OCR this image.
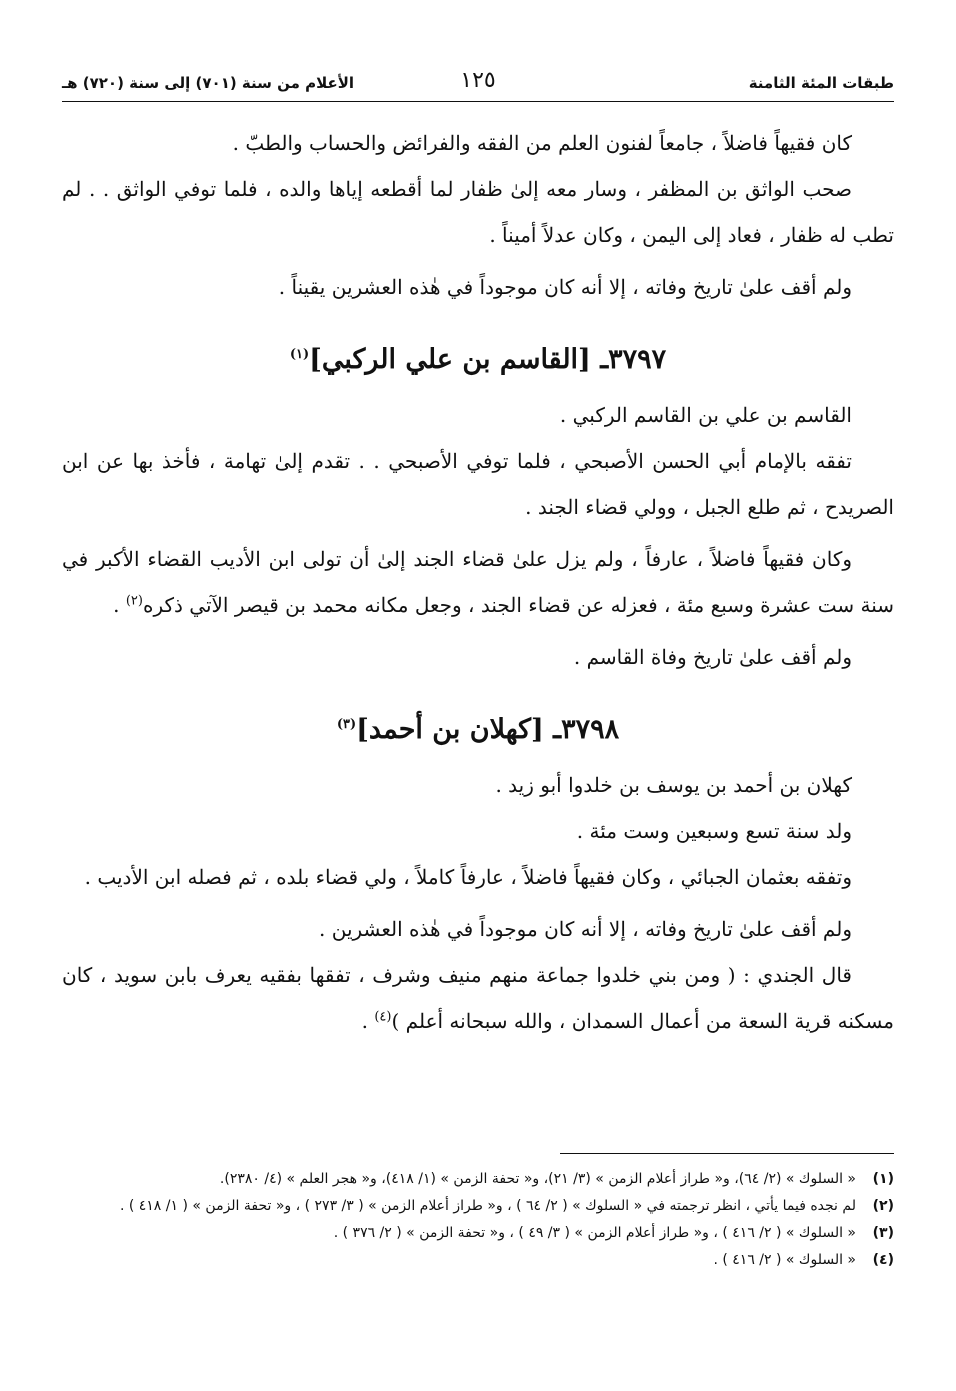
طبقات المئة الثامنة
١٢٥
الأعلام من سنة (٧٠١) إلى سنة (٧٢٠) هـ

كان فقيهاً فاضلاً ، جامعاً لفنون العلم من الفقه والفرائض والحساب والطبّ .

صحب الواثق بن المظفر ، وسار معه إلىٰ ظفار لما أقطعه إياها والده ، فلما توفي الواثق . . لم تطب له ظفار ، فعاد إلى اليمن ، وكان عدلاً أميناً .

ولم أقف علىٰ تاريخ وفاته ، إلا أنه كان موجوداً في هٰذه العشرين يقيناً .

٣٧٩٧ـ [القاسم بن علي الركبي]$^{(١)}$

القاسم بن علي بن القاسم الركبي .

تفقه بالإمام أبي الحسن الأصبحي ، فلما توفي الأصبحي . . تقدم إلىٰ تهامة ، فأخذ بها عن ابن الصريدح ، ثم طلع الجبل ، وولي قضاء الجند .

وكان فقيهاً فاضلاً ، عارفاً ، ولم يزل علىٰ قضاء الجند إلىٰ أن تولى ابن الأديب القضاء الأكبر في سنة ست عشرة وسبع مئة ، فعزله عن قضاء الجند ، وجعل مكانه محمد بن قيصر الآتي ذكره$^{(٢)}$ .

ولم أقف علىٰ تاريخ وفاة القاسم .

٣٧٩٨ـ [كهلان بن أحمد]$^{(٣)}$

كهلان بن أحمد بن يوسف بن خلدوا أبو زيد .

ولد سنة تسع وسبعين وست مئة .

وتفقه بعثمان الجبائي ، وكان فقيهاً فاضلاً ، عارفاً كاملاً ، ولي قضاء بلده ، ثم فصله ابن الأديب .

ولم أقف علىٰ تاريخ وفاته ، إلا أنه كان موجوداً في هٰذه العشرين .

قال الجندي : ( ومن بني خلدوا جماعة منهم منيف وشرف ، تفقها بفقيه يعرف بابن سويد ، كان مسكنه قرية السعة من أعمال السمدان ، والله سبحانه أعلم )$^{(٤)}$ .

(١)
« السلوك » (٢/ ٦٤)، و« طراز أعلام الزمن » (٣/ ٢١)، و« تحفة الزمن » (١/ ٤١٨)، و« هجر العلم » (٤/ ٢٣٨٠).
(٢)
لم نجده فيما يأتي ، انظر ترجمته في « السلوك » ( ٢/ ٦٤ ) ، و« طراز أعلام الزمن » ( ٣/ ٢٧٣ ) ، و« تحفة الزمن » ( ١/ ٤١٨ ) .
(٣)
« السلوك » ( ٢/ ٤١٦ ) ، و« طراز أعلام الزمن » ( ٣/ ٤٩ ) ، و« تحفة الزمن » ( ٢/ ٣٧٦ ) .
(٤)
« السلوك » ( ٢/ ٤١٦ ) .
